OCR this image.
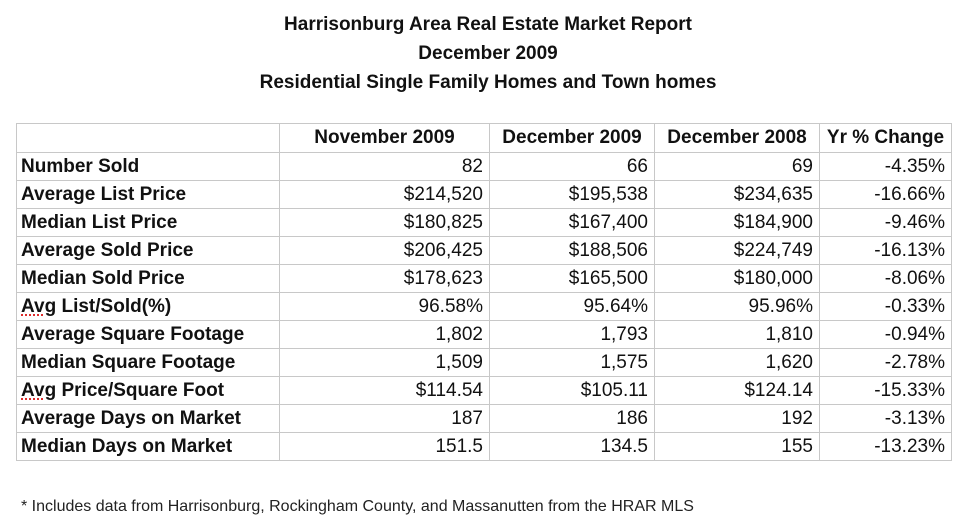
Harrisonburg Area Real Estate Market Report
December 2009
Residential Single Family Homes and Town homes
	November 2009	December 2009	December 2008	Yr % Change
Number Sold	82	66	69	-4.35%
Average List Price	$214,520	$195,538	$234,635	-16.66%
Median List Price	$180,825	$167,400	$184,900	-9.46%
Average Sold Price	$206,425	$188,506	$224,749	-16.13%
Median Sold Price	$178,623	$165,500	$180,000	-8.06%
Avg List/Sold(%)	96.58%	95.64%	95.96%	-0.33%
Average Square Footage	1,802	1,793	1,810	-0.94%
Median Square Footage	1,509	1,575	1,620	-2.78%
Avg Price/Square Foot	$114.54	$105.11	$124.14	-15.33%
Average Days on Market	187	186	192	-3.13%
Median Days on Market	151.5	134.5	155	-13.23%
* Includes data from Harrisonburg, Rockingham County, and Massanutten from the HRAR MLS
